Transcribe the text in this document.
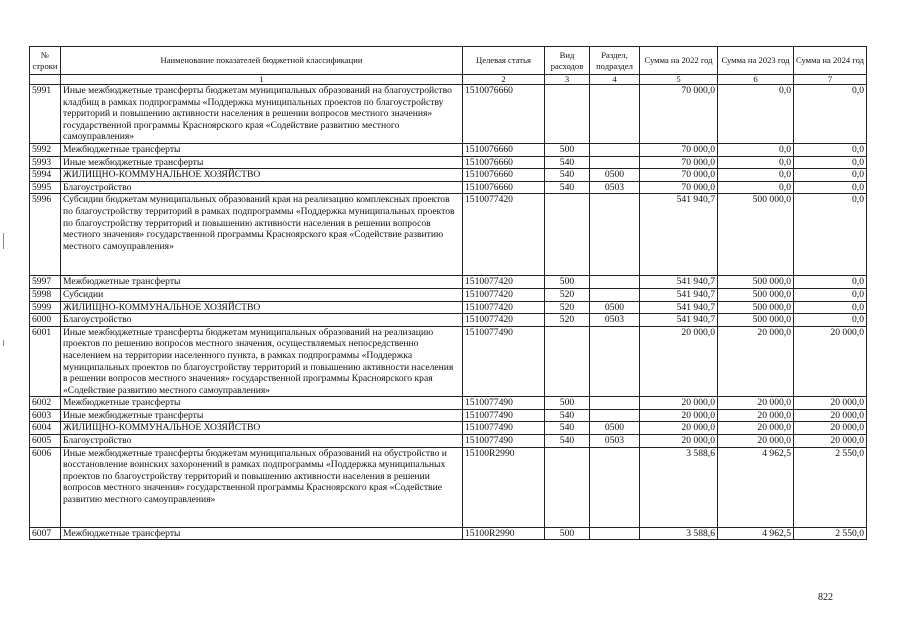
№ строки	Наименование показателей бюджетной классификации	Целевая статья	Вид расходов	Раздел, подраздел	Сумма на 2022 год	Сумма на 2023 год	Сумма на 2024 год
	1	2	3	4	5	6	7
5991	Иные межбюджетные трансферты бюджетам муниципальных образований на благоустройство кладбищ в рамках подпрограммы «Поддержка муниципальных проектов по благоустройству территорий и повышению активности населения в решении вопросов местного значения» государственной программы Красноярского края «Содействие развитию местного самоуправления»	1510076660			70 000,0	0,0	0,0
5992	Межбюджетные трансферты	1510076660	500		70 000,0	0,0	0,0
5993	Иные межбюджетные трансферты	1510076660	540		70 000,0	0,0	0,0
5994	ЖИЛИЩНО-КОММУНАЛЬНОЕ ХОЗЯЙСТВО	1510076660	540	0500	70 000,0	0,0	0,0
5995	Благоустройство	1510076660	540	0503	70 000,0	0,0	0,0
5996	Субсидии бюджетам муниципальных образований края на реализацию комплексных проектов по благоустройству территорий в рамках подпрограммы «Поддержка муниципальных проектов по благоустройству территорий и повышению активности населения в решении вопросов местного значения» государственной программы Красноярского края «Содействие развитию местного самоуправления»	1510077420			541 940,7	500 000,0	0,0
5997	Межбюджетные трансферты	1510077420	500		541 940,7	500 000,0	0,0
5998	Субсидии	1510077420	520		541 940,7	500 000,0	0,0
5999	ЖИЛИЩНО-КОММУНАЛЬНОЕ ХОЗЯЙСТВО	1510077420	520	0500	541 940,7	500 000,0	0,0
6000	Благоустройство	1510077420	520	0503	541 940,7	500 000,0	0,0
6001	Иные межбюджетные трансферты бюджетам муниципальных образований на реализацию проектов по решению вопросов местного значения, осуществляемых непосредственно населением на территории населенного пункта, в рамках подпрограммы «Поддержка муниципальных проектов по благоустройству территорий и повышению активности населения в решении вопросов местного значения» государственной программы Красноярского края «Содействие развитию местного самоуправления»	1510077490			20 000,0	20 000,0	20 000,0
6002	Межбюджетные трансферты	1510077490	500		20 000,0	20 000,0	20 000,0
6003	Иные межбюджетные трансферты	1510077490	540		20 000,0	20 000,0	20 000,0
6004	ЖИЛИЩНО-КОММУНАЛЬНОЕ ХОЗЯЙСТВО	1510077490	540	0500	20 000,0	20 000,0	20 000,0
6005	Благоустройство	1510077490	540	0503	20 000,0	20 000,0	20 000,0
6006	Иные межбюджетные трансферты бюджетам муниципальных образований на обустройство и восстановление воинских захоронений в рамках подпрограммы «Поддержка муниципальных проектов по благоустройству территорий и повышению активности населения в решении вопросов местного значения» государственной программы Красноярского края «Содействие развитию местного самоуправления»	15100R2990			3 588,6	4 962,5	2 550,0
6007	Межбюджетные трансферты	15100R2990	500		3 588,6	4 962,5	2 550,0
822
